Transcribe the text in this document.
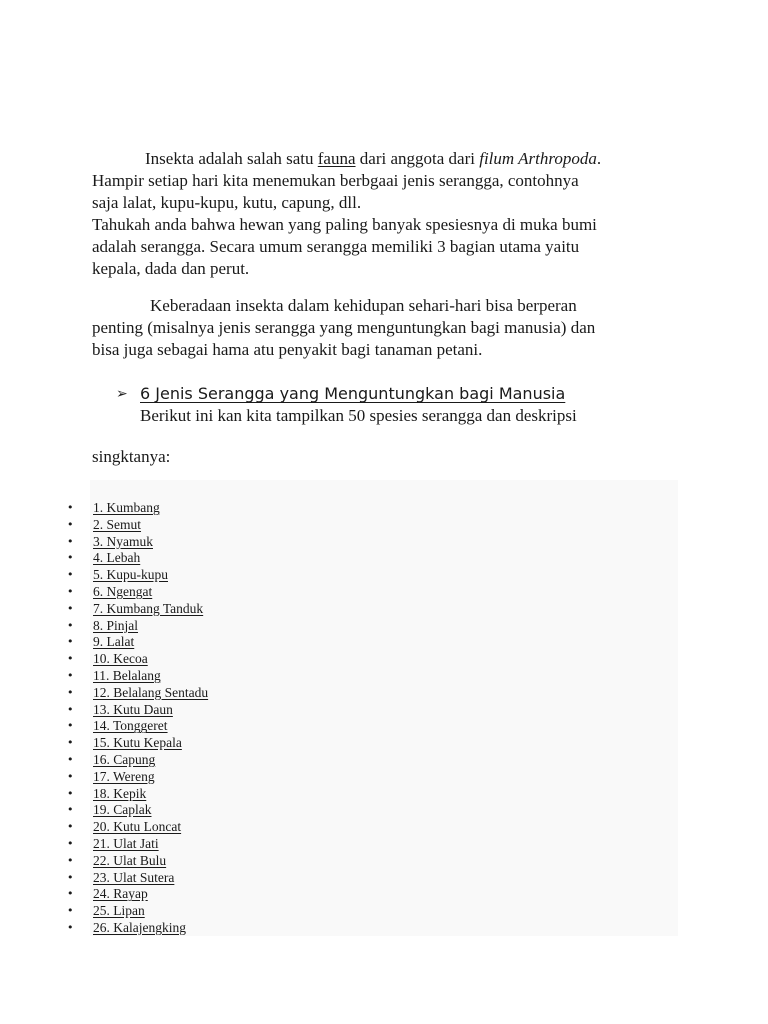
Insekta adalah salah satu fauna dari anggota dari filum Arthropoda.
Hampir setiap hari kita menemukan berbgaai jenis serangga, contohnya
saja lalat, kupu-kupu, kutu, capung, dll.
Tahukah anda bahwa hewan yang paling banyak spesiesnya di muka bumi
adalah serangga. Secara umum serangga memiliki 3 bagian utama yaitu
kepala, dada dan perut.

Keberadaan insekta dalam kehidupan sehari-hari bisa berperan
penting (misalnya jenis serangga yang menguntungkan bagi manusia) dan
bisa juga sebagai hama atu penyakit bagi tanaman petani.

➢ 6 Jenis Serangga yang Menguntungkan bagi Manusia
Berikut ini kan kita tampilkan 50 spesies serangga dan deskripsi
singktanya:
• 1. Kumbang
• 2. Semut
• 3. Nyamuk
• 4. Lebah
• 5. Kupu-kupu
• 6. Ngengat
• 7. Kumbang Tanduk
• 8. Pinjal
• 9. Lalat
• 10. Kecoa
• 11. Belalang
• 12. Belalang Sentadu
• 13. Kutu Daun
• 14. Tonggeret
• 15. Kutu Kepala
• 16. Capung
• 17. Wereng
• 18. Kepik
• 19. Caplak
• 20. Kutu Loncat
• 21. Ulat Jati
• 22. Ulat Bulu
• 23. Ulat Sutera
• 24. Rayap
• 25. Lipan
• 26. Kalajengking
